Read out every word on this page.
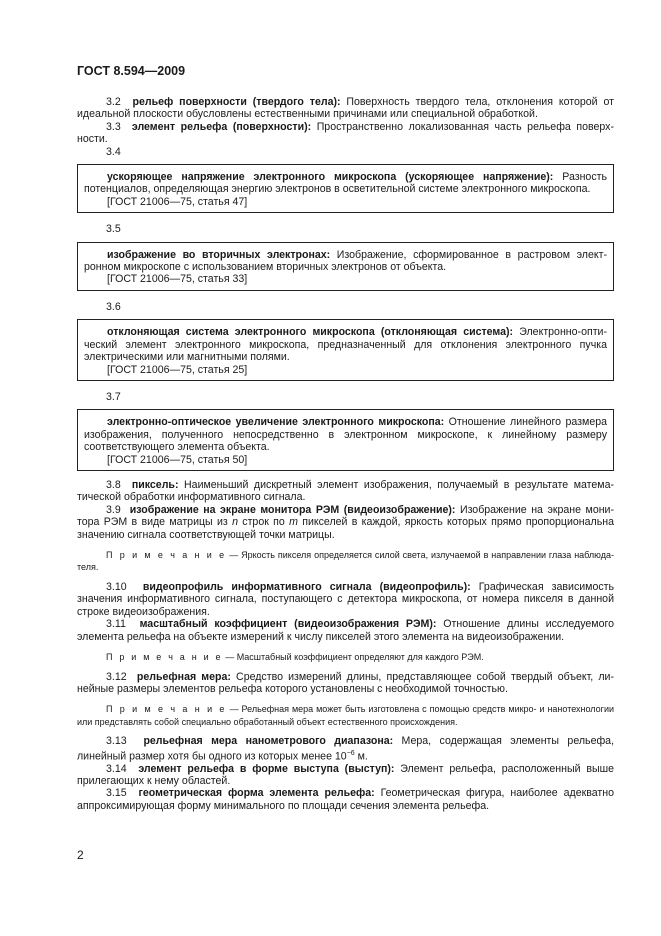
ГОСТ 8.594—2009

3.2 рельеф поверхности (твердого тела): Поверхность твердого тела, отклонения которой от идеальной плоскости обусловлены естественными причинами или специальной обработкой.

3.3 элемент рельефа (поверхности): Пространственно локализованная часть рельефа поверхности.

3.4

ускоряющее напряжение электронного микроскопа (ускоряющее напряжение): Разность потенциалов, определяющая энергию электронов в осветительной системе электронного микроскопа.

[ГОСТ 21006—75, статья 47]

3.5

изображение во вторичных электронах: Изображение, сформированное в растровом электронном микроскопе с использованием вторичных электронов от объекта.

[ГОСТ 21006—75, статья 33]

3.6

отклоняющая система электронного микроскопа (отклоняющая система): Электронно-оптический элемент электронного микроскопа, предназначенный для отклонения электронного пучка электрическими или магнитными полями.

[ГОСТ 21006—75, статья 25]

3.7

электронно-оптическое увеличение электронного микроскопа: Отношение линейного размера изображения, полученного непосредственно в электронном микроскопе, к линейному размеру соответствующего элемента объекта.

[ГОСТ 21006—75, статья 50]

3.8 пиксель: Наименьший дискретный элемент изображения, получаемый в результате математической обработки информативного сигнала.

3.9 изображение на экране монитора РЭМ (видеоизображение): Изображение на экране монитора РЭМ в виде матрицы из n строк по m пикселей в каждой, яркость которых прямо пропорциональна значению сигнала соответствующей точки матрицы.

П р и м е ч а н и е — Яркость пикселя определяется силой света, излучаемой в направлении глаза наблюдателя.

3.10 видеопрофиль информативного сигнала (видеопрофиль): Графическая зависимость значения информативного сигнала, поступающего с детектора микроскопа, от номера пикселя в данной строке видеоизображения.

3.11 масштабный коэффициент (видеоизображения РЭМ): Отношение длины исследуемого элемента рельефа на объекте измерений к числу пикселей этого элемента на видеоизображении.

П р и м е ч а н и е — Масштабный коэффициент определяют для каждого РЭМ.

3.12 рельефная мера: Средство измерений длины, представляющее собой твердый объект, линейные размеры элементов рельефа которого установлены с необходимой точностью.

П р и м е ч а н и е — Рельефная мера может быть изготовлена с помощью средств микро- и нанотехнологии или представлять собой специально обработанный объект естественного происхождения.

3.13 рельефная мера нанометрового диапазона: Мера, содержащая элементы рельефа, линейный размер хотя бы одного из которых менее $10^{-6}$ м.

3.14 элемент рельефа в форме выступа (выступ): Элемент рельефа, расположенный выше прилегающих к нему областей.

3.15 геометрическая форма элемента рельефа: Геометрическая фигура, наиболее адекватно аппроксимирующая форму минимального по площади сечения элемента рельефа.

2
